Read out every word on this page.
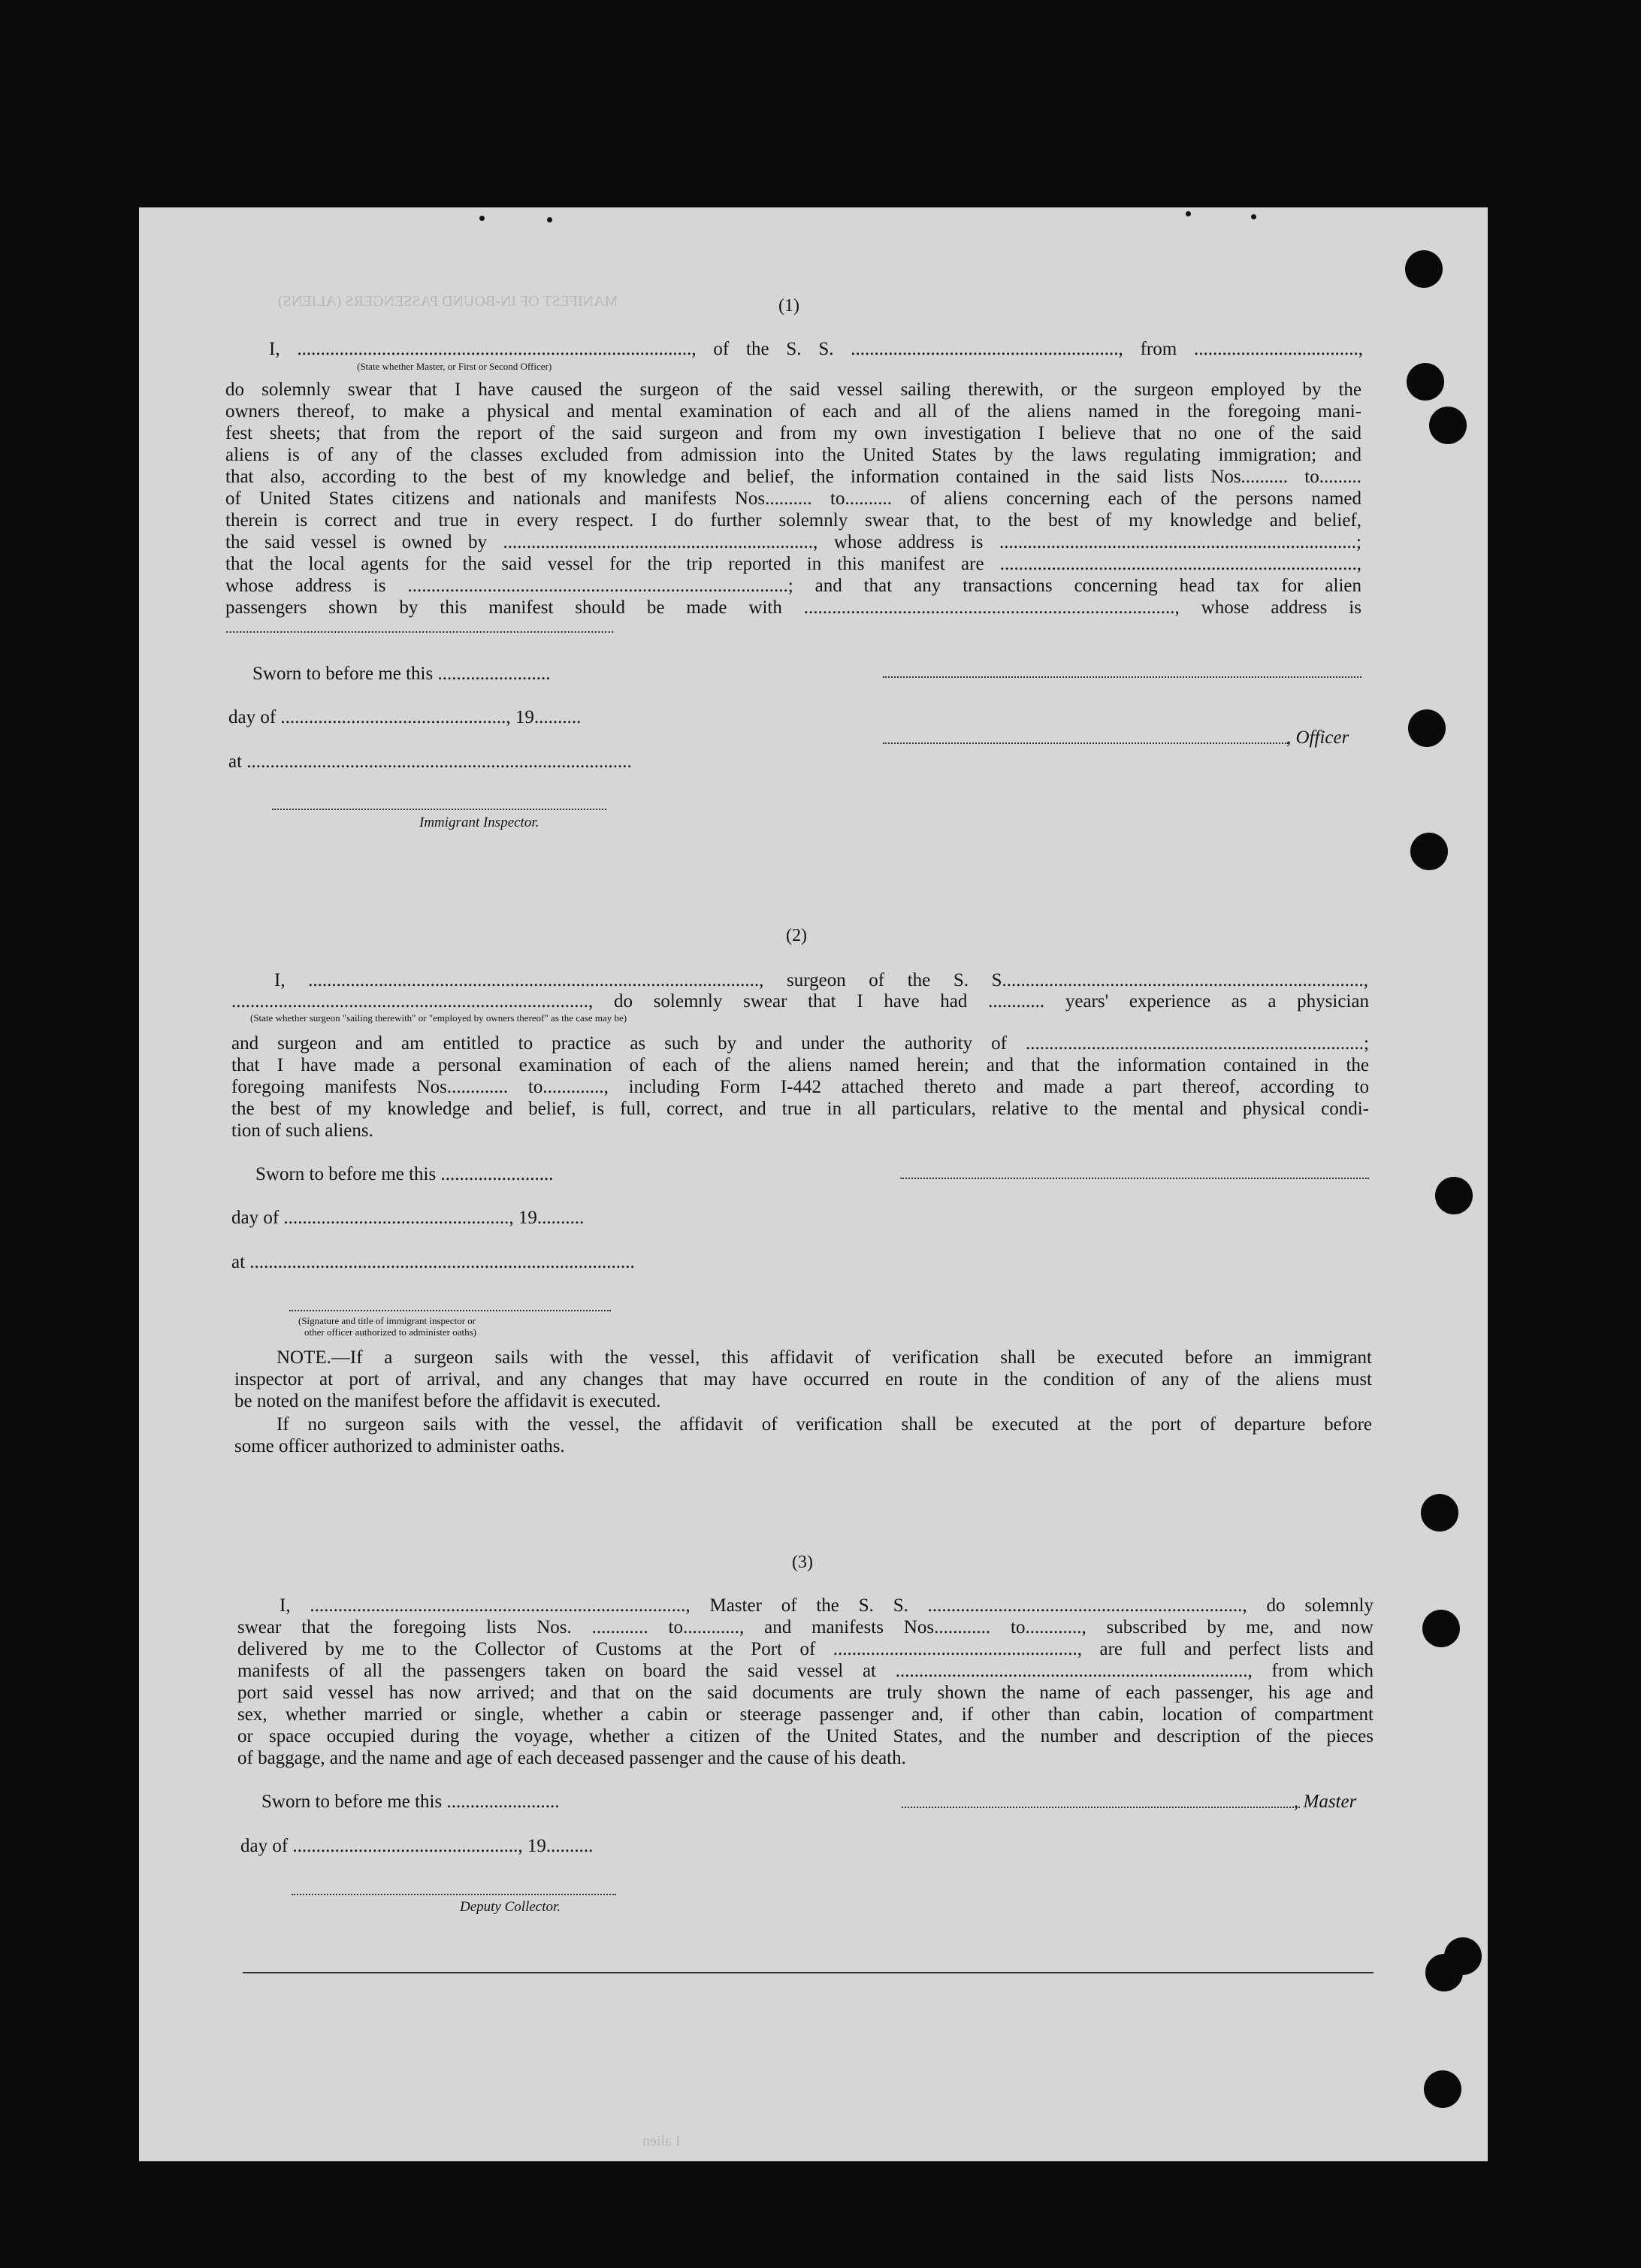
MANIFEST OF IN-BOUND PASSENGERS (ALIENS)
I alien
(1)
I, ...................................................................................., of the S. S. ........................................................., from ...................................,
(State whether Master, or First or Second Officer)
do solemnly swear that I have caused the surgeon of the said vessel sailing therewith, or the surgeon employed by the
owners thereof, to make a physical and mental examination of each and all of the aliens named in the foregoing mani-
fest sheets; that from the report of the said surgeon and from my own investigation I believe that no one of the said
aliens is of any of the classes excluded from admission into the United States by the laws regulating immigration; and
that also, according to the best of my knowledge and belief, the information contained in the said lists Nos.......... to.........
of United States citizens and nationals and manifests Nos.......... to.......... of aliens concerning each of the persons named
therein is correct and true in every respect. I do further solemnly swear that, to the best of my knowledge and belief,
the said vessel is owned by .................................................................., whose address is ............................................................................;
that the local agents for the said vessel for the trip reported in this manifest are ............................................................................,
whose address is .................................................................................; and that any transactions concerning head tax for alien
passengers shown by this manifest should be made with ..............................................................................., whose address is
...................................................................................................................
Sworn to before me this ........................
day of ................................................, 19..........
at ..................................................................................
Immigrant Inspector.
, Officer
(2)
I, ................................................................................................, surgeon of the S. S.............................................................................,
............................................................................, do solemnly swear that I have had ............ years' experience as a physician
(State whether surgeon "sailing therewith" or "employed by owners thereof" as the case may be)
and surgeon and am entitled to practice as such by and under the authority of ........................................................................;
that I have made a personal examination of each of the aliens named herein; and that the information contained in the
foregoing manifests Nos............. to............., including Form I-442 attached thereto and made a part thereof, according to
the best of my knowledge and belief, is full, correct, and true in all particulars, relative to the mental and physical condi-
tion of such aliens.
Sworn to before me this ........................
day of ................................................, 19..........
at ..................................................................................
(Signature and title of immigrant inspector or
other officer authorized to administer oaths)
NOTE.—If a surgeon sails with the vessel, this affidavit of verification shall be executed before an immigrant
inspector at port of arrival, and any changes that may have occurred en route in the condition of any of the aliens must
be noted on the manifest before the affidavit is executed.
If no surgeon sails with the vessel, the affidavit of verification shall be executed at the port of departure before
some officer authorized to administer oaths.
(3)
I, ................................................................................, Master of the S. S. ..................................................................., do solemnly
swear that the foregoing lists Nos. ............ to............, and manifests Nos............ to............, subscribed by me, and now
delivered by me to the Collector of Customs at the Port of ...................................................., are full and perfect lists and
manifests of all the passengers taken on board the said vessel at ..........................................................................., from which
port said vessel has now arrived; and that on the said documents are truly shown the name of each passenger, his age and
sex, whether married or single, whether a cabin or steerage passenger and, if other than cabin, location of compartment
or space occupied during the voyage, whether a citizen of the United States, and the number and description of the pieces
of baggage, and the name and age of each deceased passenger and the cause of his death.
Sworn to before me this ........................
day of ................................................, 19..........
, Master
Deputy Collector.
